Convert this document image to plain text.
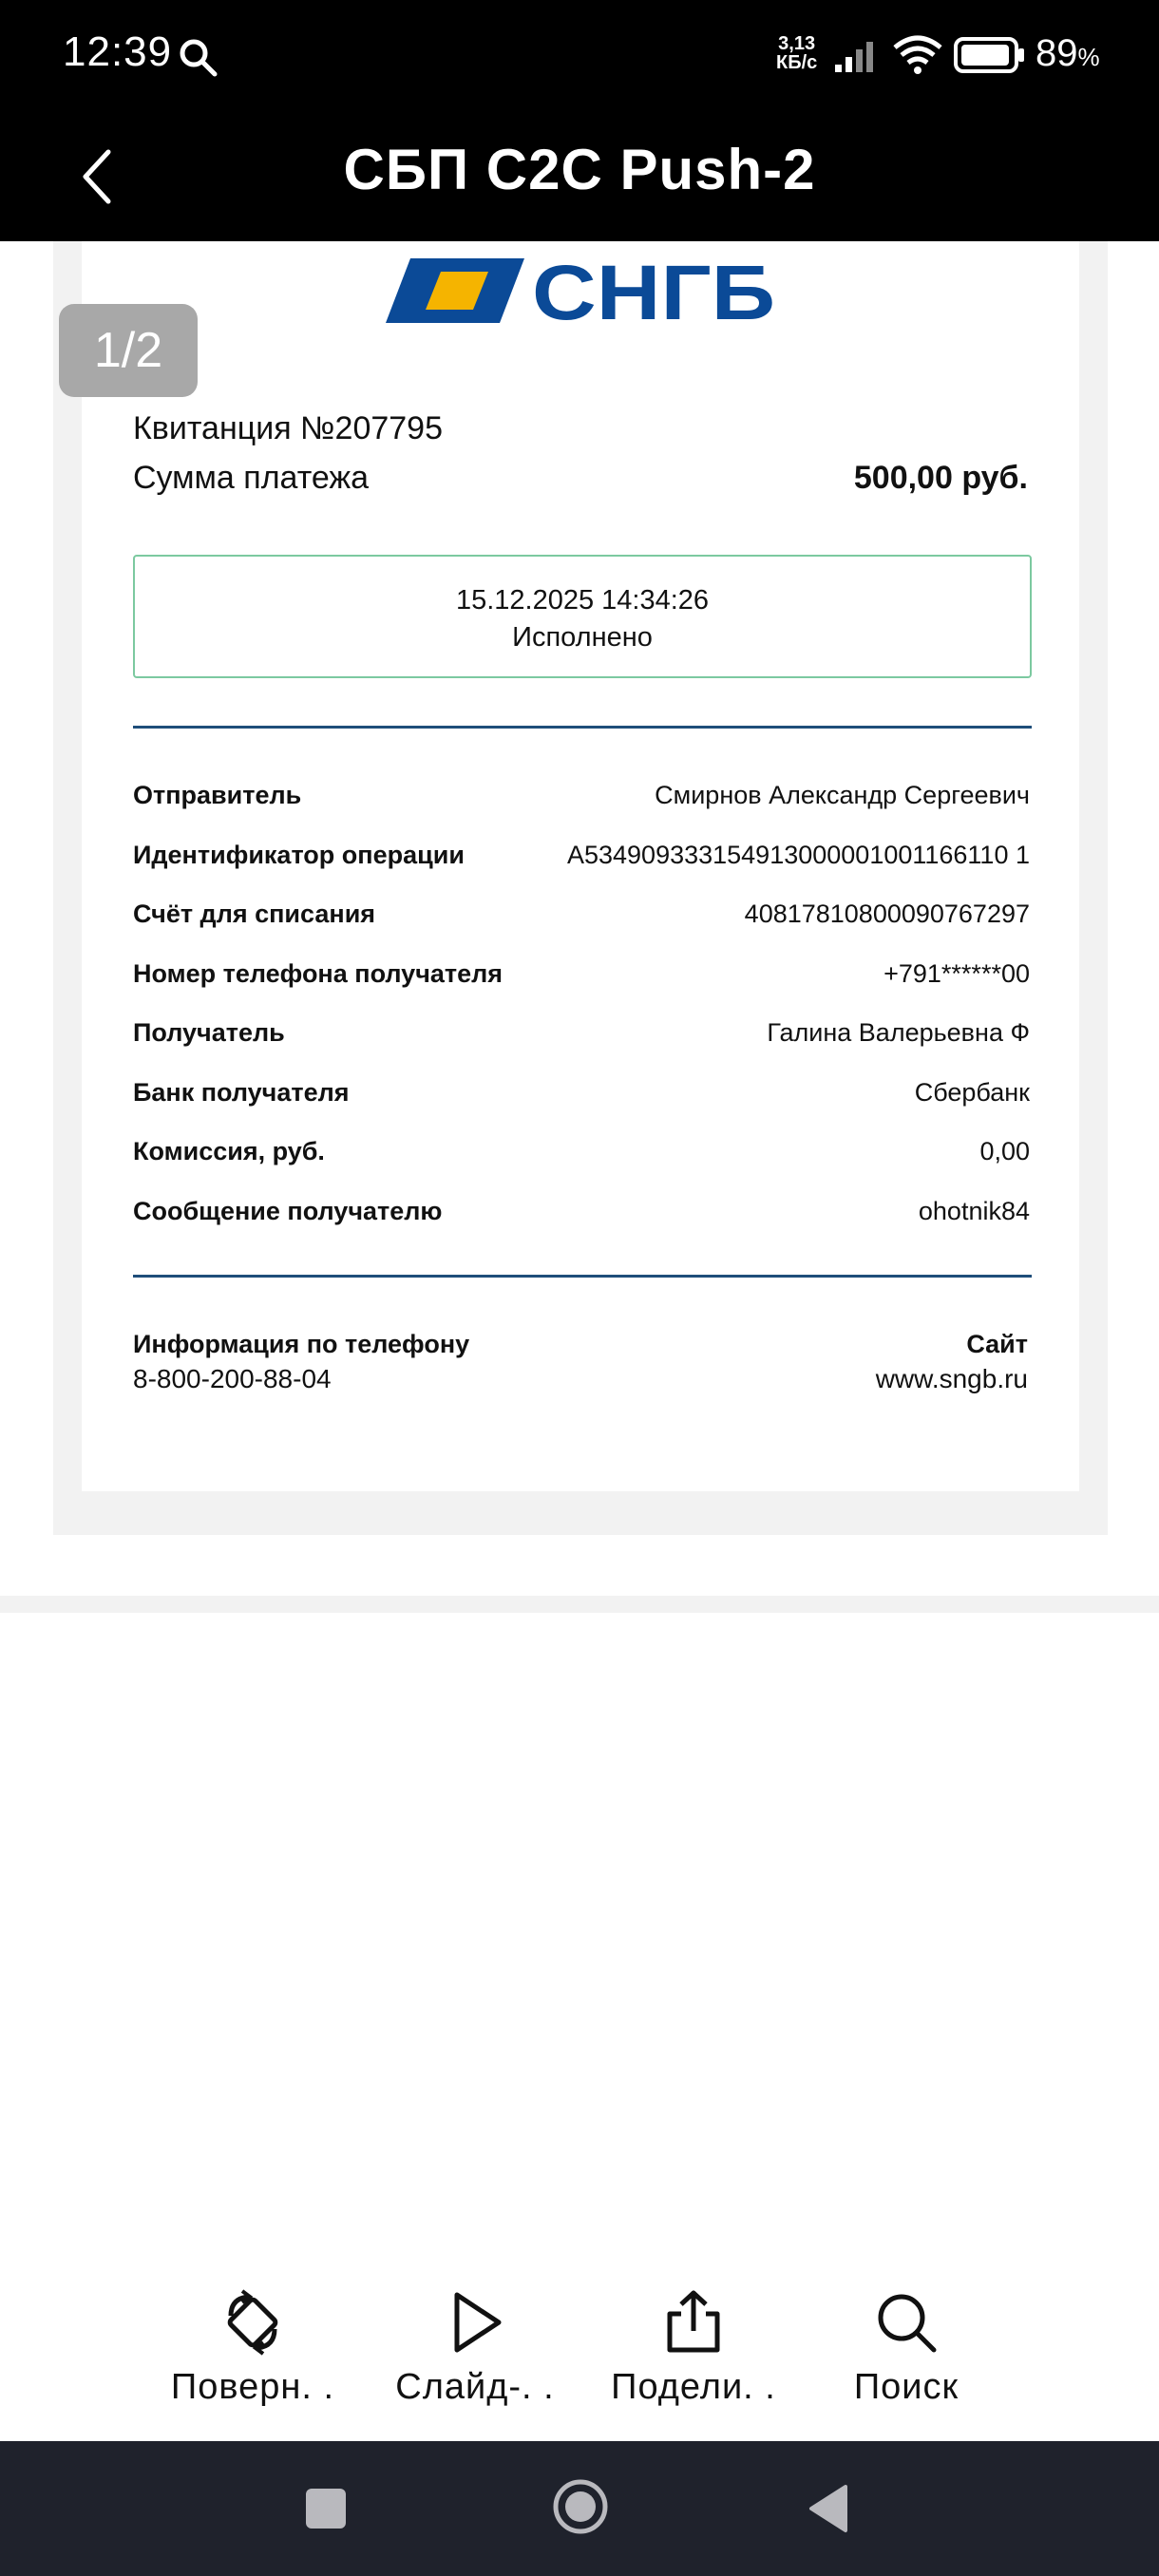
12:39	3,13
КБ/с	89%
СБП С2С Push-2
СНГБ
1/2
Квитанция №207795
Сумма платежа	500,00 руб.
15.12.2025 14:34:26
Исполнено
Отправитель	Смирнов Александр Сергеевич
Идентификатор операции	A534909333154913000001001166110 1
Счёт для списания	40817810800090767297
Номер телефона получателя	+791******00
Получатель	Галина Валерьевна Ф
Банк получателя	Сбербанк
Комиссия, руб.	0,00
Сообщение получателю	ohotnik84
Информация по телефону
8-800-200-88-04
Сайт
www.sngb.ru
Поверн. .	Слайд-. .	Подели. .	Поиск
